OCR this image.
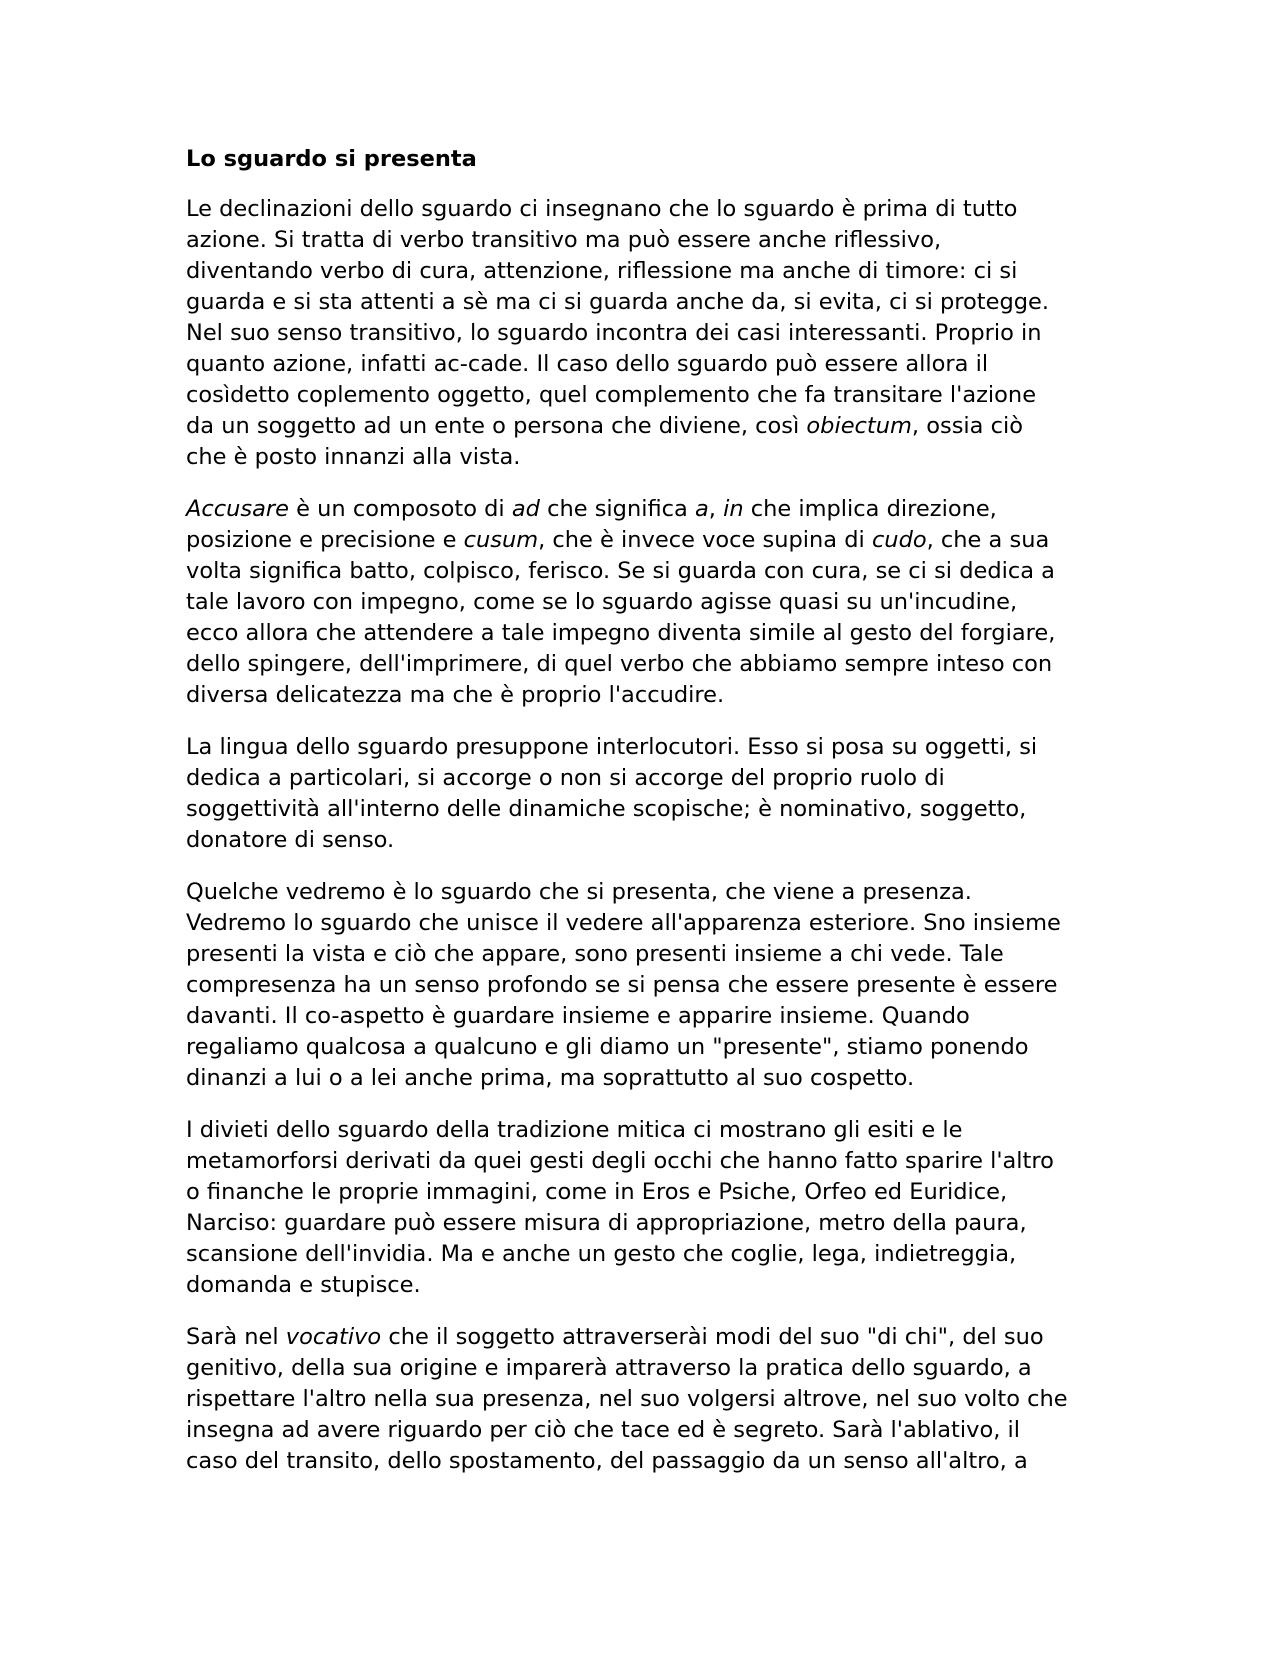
Lo sguardo si presenta
Le declinazioni dello sguardo ci insegnano che lo sguardo è prima di tutto
azione. Si tratta di verbo transitivo ma può essere anche riflessivo,
diventando verbo di cura, attenzione, riflessione ma anche di timore: ci si
guarda e si sta attenti a sè ma ci si guarda anche da, si evita, ci si protegge.
Nel suo senso transitivo, lo sguardo incontra dei casi interessanti. Proprio in
quanto azione, infatti ac-cade. Il caso dello sguardo può essere allora il
cosìdetto coplemento oggetto, quel complemento che fa transitare l'azione
da un soggetto ad un ente o persona che diviene, così obiectum, ossia ciò
che è posto innanzi alla vista.
Accusare è un composoto di ad che significa a, in che implica direzione,
posizione e precisione e cusum, che è invece voce supina di cudo, che a sua
volta significa batto, colpisco, ferisco. Se si guarda con cura, se ci si dedica a
tale lavoro con impegno, come se lo sguardo agisse quasi su un'incudine,
ecco allora che attendere a tale impegno diventa simile al gesto del forgiare,
dello spingere, dell'imprimere, di quel verbo che abbiamo sempre inteso con
diversa delicatezza ma che è proprio l'accudire.
La lingua dello sguardo presuppone interlocutori. Esso si posa su oggetti, si
dedica a particolari, si accorge o non si accorge del proprio ruolo di
soggettività all'interno delle dinamiche scopische; è nominativo, soggetto,
donatore di senso.
Quelche vedremo è lo sguardo che si presenta, che viene a presenza.
Vedremo lo sguardo che unisce il vedere all'apparenza esteriore. Sno insieme
presenti la vista e ciò che appare, sono presenti insieme a chi vede. Tale
compresenza ha un senso profondo se si pensa che essere presente è essere
davanti. Il co-aspetto è guardare insieme e apparire insieme. Quando
regaliamo qualcosa a qualcuno e gli diamo un "presente", stiamo ponendo
dinanzi a lui o a lei anche prima, ma soprattutto al suo cospetto.
I divieti dello sguardo della tradizione mitica ci mostrano gli esiti e le
metamorforsi derivati da quei gesti degli occhi che hanno fatto sparire l'altro
o finanche le proprie immagini, come in Eros e Psiche, Orfeo ed Euridice,
Narciso: guardare può essere misura di appropriazione, metro della paura,
scansione dell'invidia. Ma e anche un gesto che coglie, lega, indietreggia,
domanda e stupisce.
Sarà nel vocativo che il soggetto attraverserài modi del suo "di chi", del suo
genitivo, della sua origine e imparerà attraverso la pratica dello sguardo, a
rispettare l'altro nella sua presenza, nel suo volgersi altrove, nel suo volto che
insegna ad avere riguardo per ciò che tace ed è segreto. Sarà l'ablativo, il
caso del transito, dello spostamento, del passaggio da un senso all'altro, a
